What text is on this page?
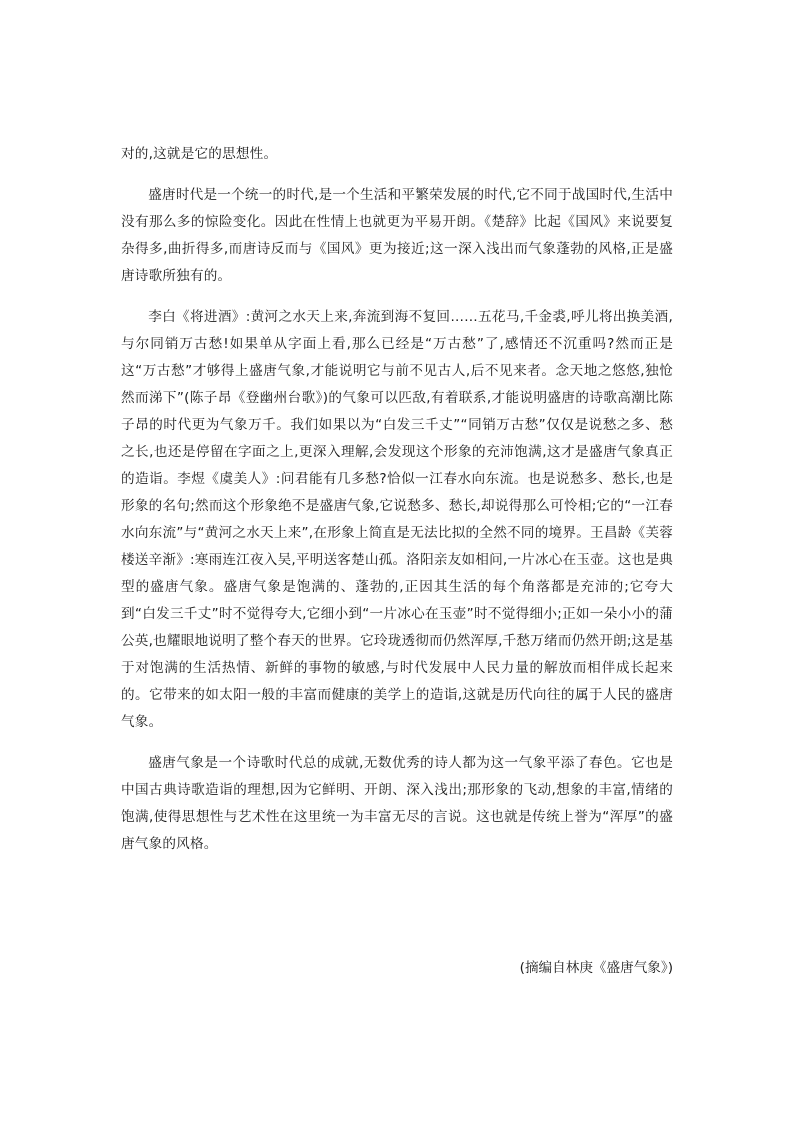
对的,这就是它的思想性。

盛唐时代是一个统一的时代,是一个生活和平繁荣发展的时代,它不同于战国时代,生活中没有那么多的惊险变化。因此在性情上也就更为平易开朗。《楚辞》比起《国风》来说要复杂得多,曲折得多,而唐诗反而与《国风》更为接近;这一深入浅出而气象蓬勃的风格,正是盛唐诗歌所独有的。

李白《将进酒》:黄河之水天上来,奔流到海不复回……五花马,千金裘,呼儿将出换美酒,与尔同销万古愁!如果单从字面上看,那么已经是“万古愁”了,感情还不沉重吗?然而正是这“万古愁”才够得上盛唐气象,才能说明它与前不见古人,后不见来者。念天地之悠悠,独怆然而涕下”(陈子昂《登幽州台歌》)的气象可以匹敌,有着联系,才能说明盛唐的诗歌高潮比陈子昂的时代更为气象万千。我们如果以为“白发三千丈”“同销万古愁”仅仅是说愁之多、愁之长,也还是停留在字面之上,更深入理解,会发现这个形象的充沛饱满,这才是盛唐气象真正的造诣。李煜《虞美人》:问君能有几多愁?恰似一江春水向东流。也是说愁多、愁长,也是形象的名句;然而这个形象绝不是盛唐气象,它说愁多、愁长,却说得那么可怜相;它的“一江春水向东流”与“黄河之水天上来”,在形象上简直是无法比拟的全然不同的境界。王昌龄《芙蓉楼送辛渐》:寒雨连江夜入吴,平明送客楚山孤。洛阳亲友如相问,一片冰心在玉壶。这也是典型的盛唐气象。盛唐气象是饱满的、蓬勃的,正因其生活的每个角落都是充沛的;它夸大到“白发三千丈”时不觉得夸大,它细小到“一片冰心在玉壶”时不觉得细小;正如一朵小小的蒲公英,也耀眼地说明了整个春天的世界。它玲珑透彻而仍然浑厚,千愁万绪而仍然开朗;这是基于对饱满的生活热情、新鲜的事物的敏感,与时代发展中人民力量的解放而相伴成长起来的。它带来的如太阳一般的丰富而健康的美学上的造诣,这就是历代向往的属于人民的盛唐气象。

盛唐气象是一个诗歌时代总的成就,无数优秀的诗人都为这一气象平添了春色。它也是中国古典诗歌造诣的理想,因为它鲜明、开朗、深入浅出;那形象的飞动,想象的丰富,情绪的饱满,使得思想性与艺术性在这里统一为丰富无尽的言说。这也就是传统上誉为“浑厚”的盛唐气象的风格。

(摘编自林庚《盛唐气象》)
